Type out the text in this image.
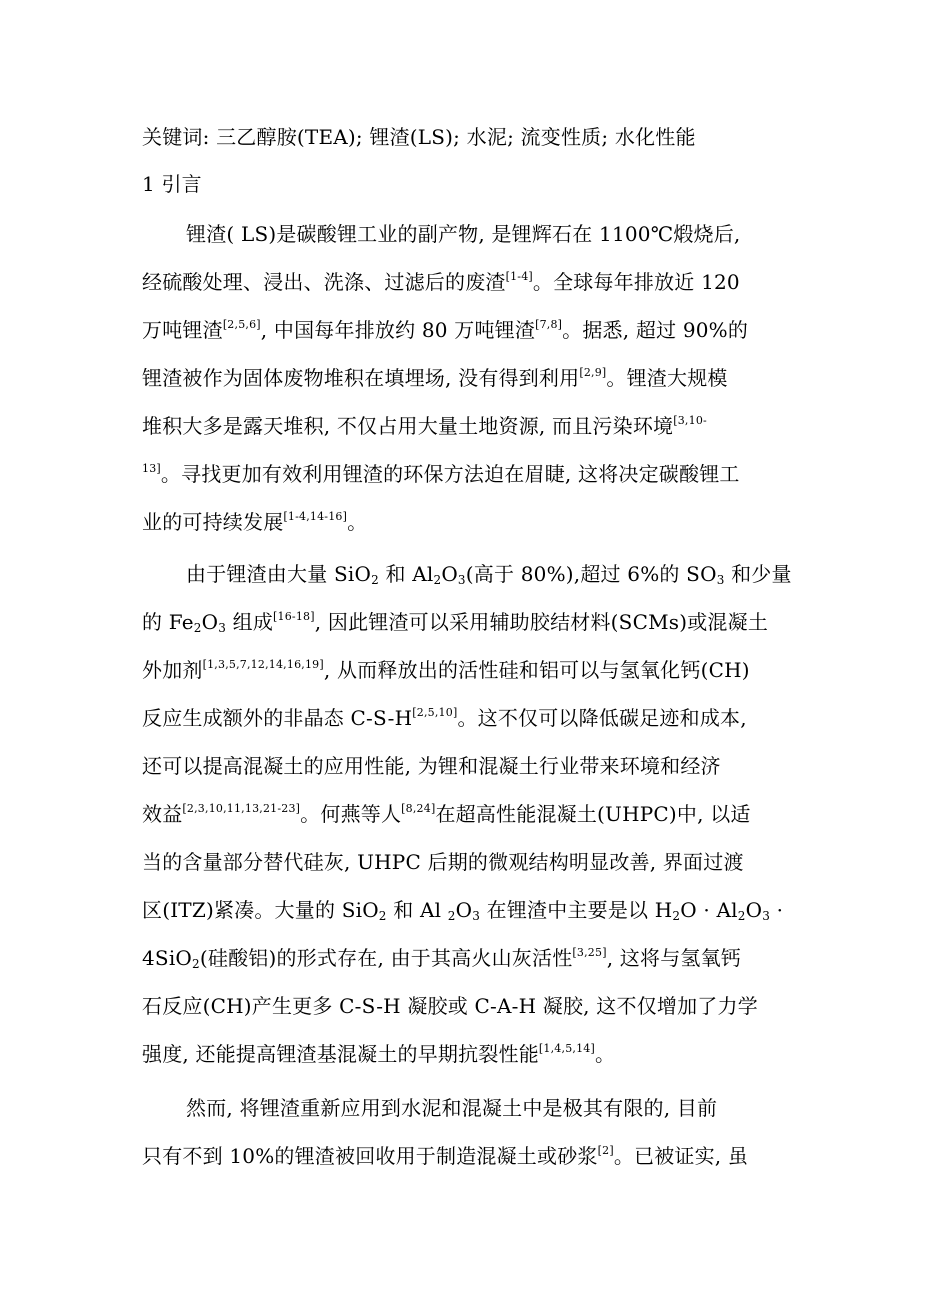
关键词: 三乙醇胺(TEA); 锂渣(LS); 水泥; 流变性质; 水化性能
1 引言
锂渣( LS)是碳酸锂工业的副产物, 是锂辉石在 1100℃煅烧后,
经硫酸处理、浸出、洗涤、过滤后的废渣[1-4]。全球每年排放近 120
万吨锂渣[2,5,6], 中国每年排放约 80 万吨锂渣[7,8]。据悉, 超过 90%的
锂渣被作为固体废物堆积在填埋场, 没有得到利用[2,9]。锂渣大规模
堆积大多是露天堆积, 不仅占用大量土地资源, 而且污染环境$^{[3,10-}$
$^{13]}$。寻找更加有效利用锂渣的环保方法迫在眉睫, 这将决定碳酸锂工
业的可持续发展[1-4,14-16]。
由于锂渣由大量 SiO$_2$ 和 $Al_2O_3$(高于 80%),超过 6%的 $SO_3$ 和少量
的 $Fe_2O_3$ 组成[16-18], 因此锂渣可以采用辅助胶结材料(SCMs)或混凝土
外加剂[1,3,5,7,12,14,16,19], 从而释放出的活性硅和铝可以与氢氧化钙(CH)
反应生成额外的非晶态 C-S-H[2,5,10]。这不仅可以降低碳足迹和成本,
还可以提高混凝土的应用性能, 为锂和混凝土行业带来环境和经济
效益[2,3,10,11,13,21-23]。何燕等人[8,24]在超高性能混凝土(UHPC)中, 以适
当的含量部分替代硅灰, UHPC 后期的微观结构明显改善, 界面过渡
区(ITZ)紧凑。大量的 SiO$_2$ 和 Al $_2O_3$ 在锂渣中主要是以 $H_2O \cdot Al_2O_3$ ·
4SiO$_2$(硅酸铝)的形式存在, 由于其高火山灰活性[3,25], 这将与氢氧钙
石反应(CH)产生更多 C-S-H 凝胶或 C-A-H 凝胶, 这不仅增加了力学
强度, 还能提高锂渣基混凝土的早期抗裂性能[1,4,5,14]。
然而, 将锂渣重新应用到水泥和混凝土中是极其有限的, 目前
只有不到 10%的锂渣被回收用于制造混凝土或砂浆[2]。已被证实, 虽
